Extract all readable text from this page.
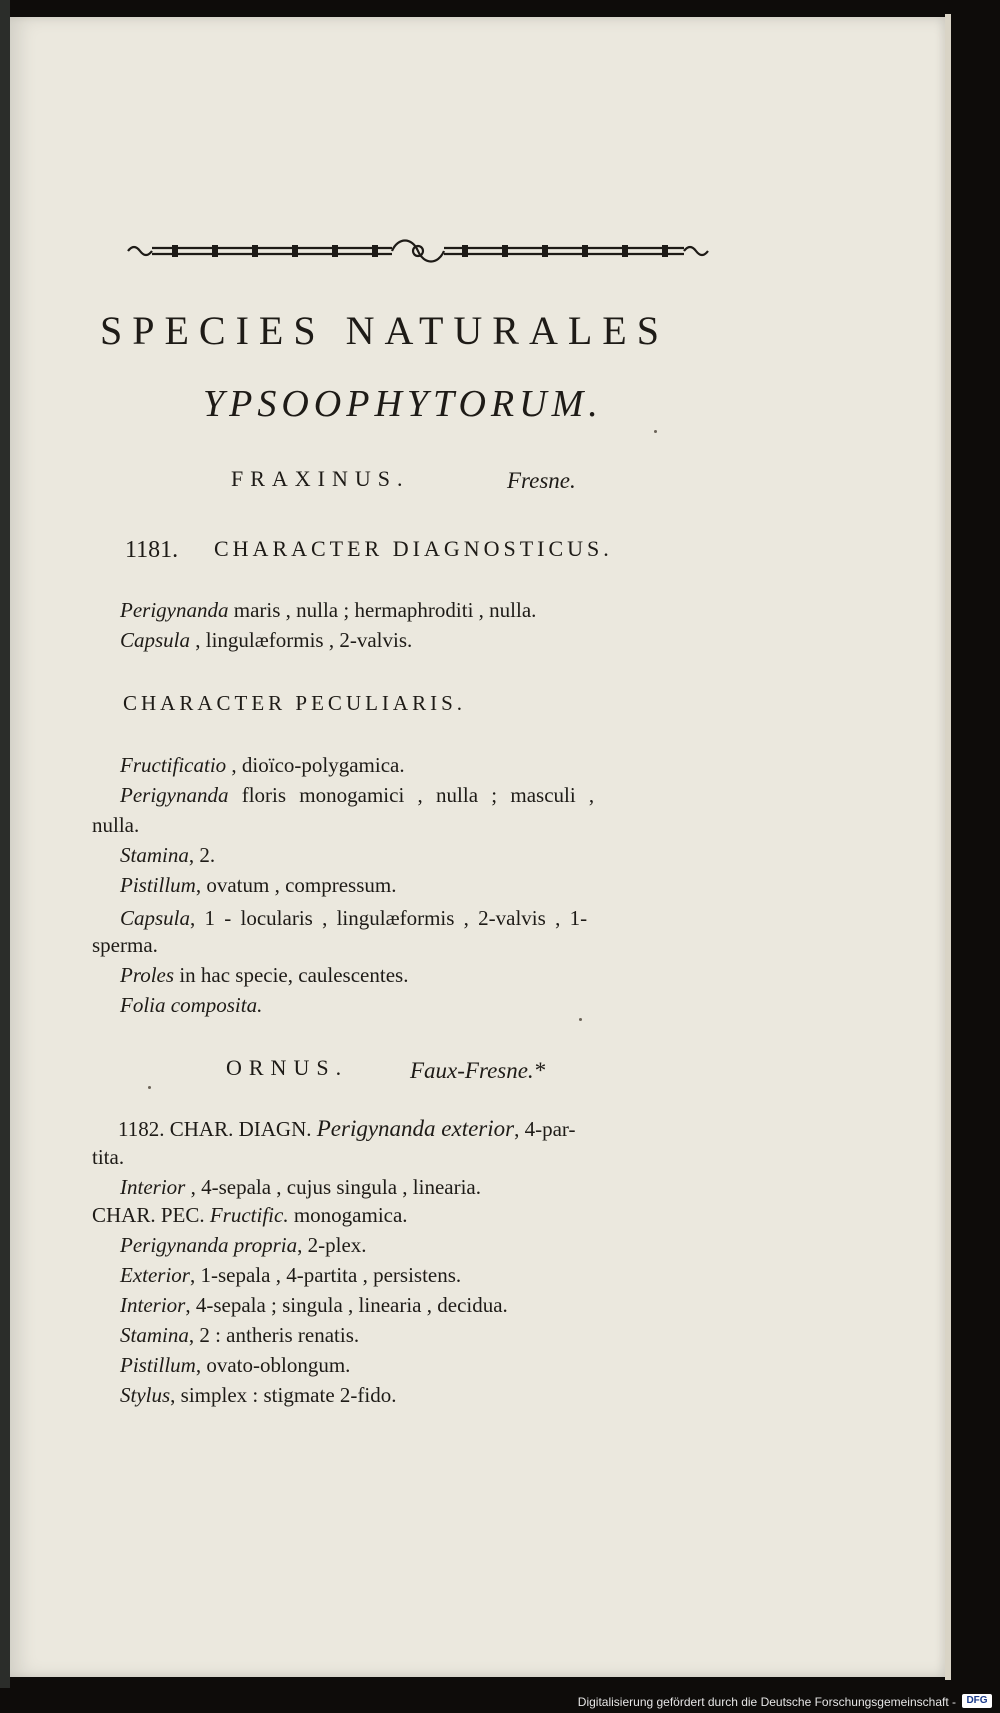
SPECIES NATURALES
YPSOOPHYTORUM.
FRAXINUS.	Fresne.
1181. CHARACTER DIAGNOSTICUS.
Perigynanda maris , nulla ; hermaphroditi , nulla.
Capsula , lingulæformis , 2-valvis.
CHARACTER PECULIARIS.
Fructificatio , dioïco-polygamica.
Perigynanda floris monogamici , nulla ; masculi ,
nulla.
Stamina, 2.
Pistillum, ovatum , compressum.
Capsula, 1 - locularis , lingulæformis , 2-valvis , 1-
sperma.
Proles in hac specie, caulescentes.
Folia composita.
ORNUS.	Faux-Fresne.*
1182. CHAR. DIAGN. Perigynanda exterior, 4-par-
tita.
Interior , 4-sepala , cujus singula , linearia.
CHAR. PEC. Fructific. monogamica.
Perigynanda propria, 2-plex.
Exterior, 1-sepala , 4-partita , persistens.
Interior, 4-sepala ; singula , linearia , decidua.
Stamina, 2 : antheris renatis.
Pistillum, ovato-oblongum.
Stylus, simplex : stigmate 2-fido.
Digitalisierung gefördert durch die Deutsche Forschungsgemeinschaft -	DFG
